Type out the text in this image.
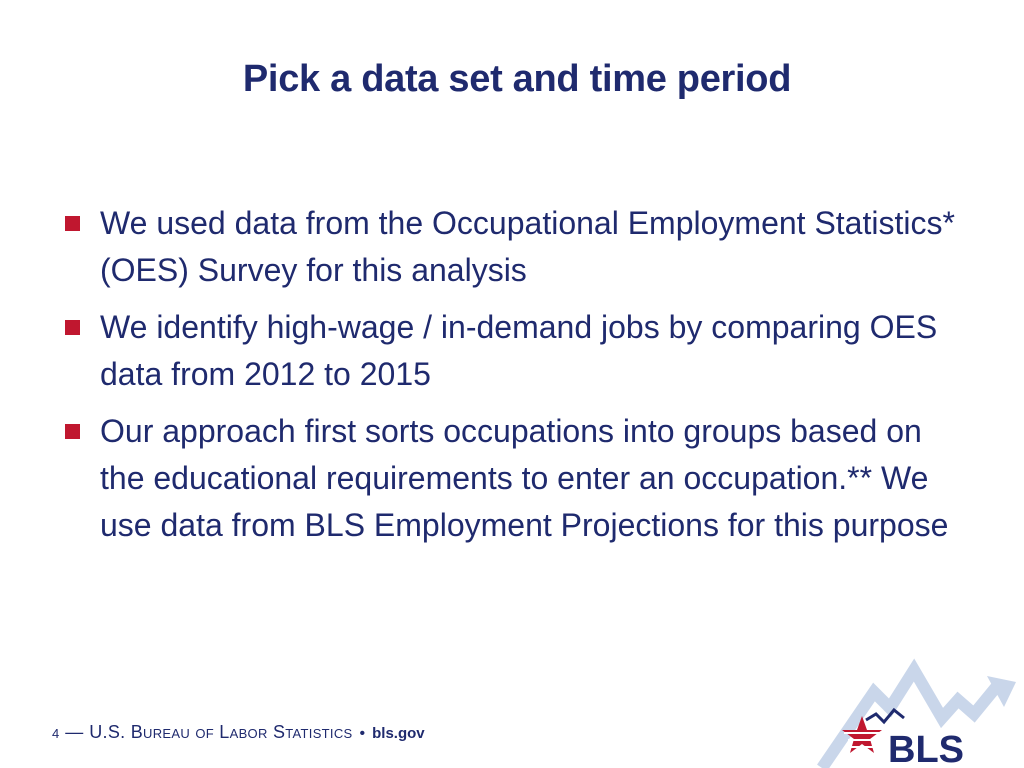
Pick a data set and time period
We used data from the Occupational Employment Statistics* (OES) Survey for this analysis
We identify high-wage / in-demand jobs by comparing OES data from 2012 to 2015
Our approach first sorts occupations into groups based on the educational requirements to enter an occupation.** We use data from BLS Employment Projections for this purpose
4 — U.S. Bureau of Labor Statistics • bls.gov	BLS
